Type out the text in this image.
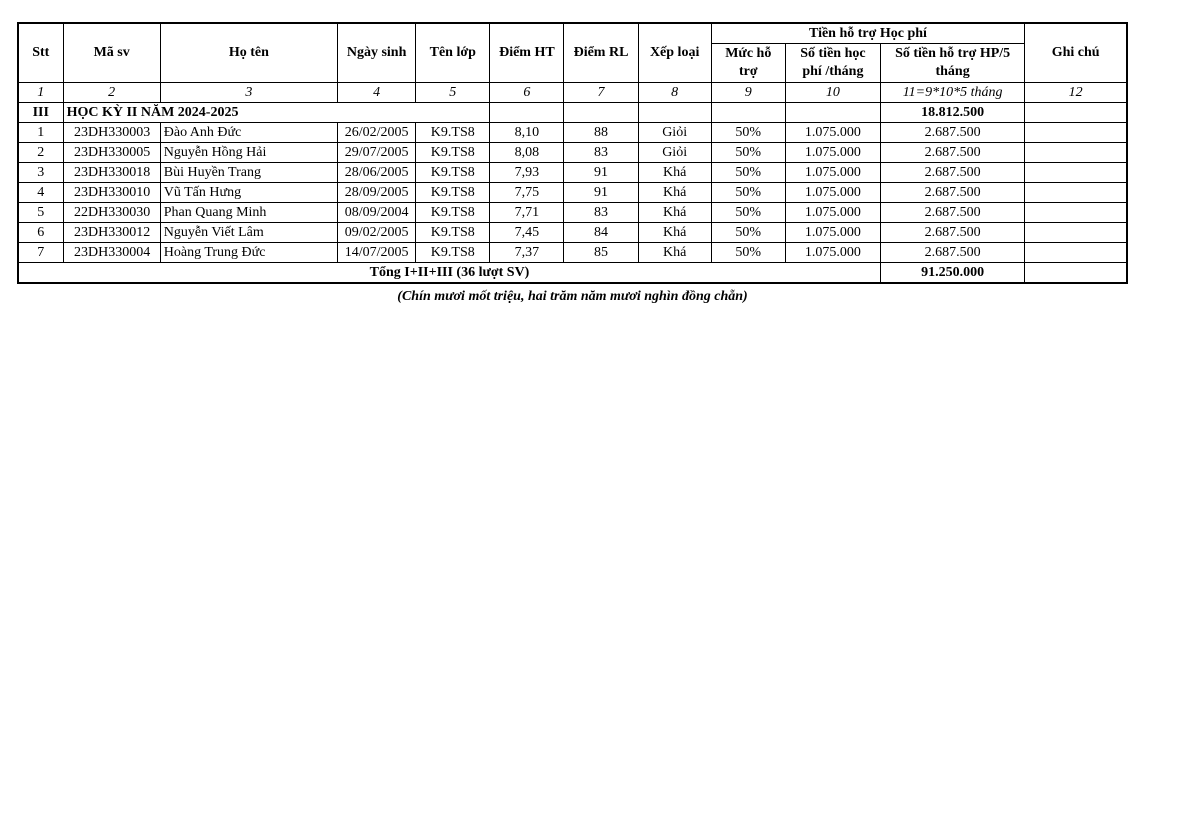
Stt	Mã sv	Họ tên	Ngày sinh	Tên lớp	Điểm HT	Điểm RL	Xếp loại	Tiền hỗ trợ Học phí			Ghi chú
								Mức hỗ trợ	Số tiền học phí /tháng	Số tiền hỗ trợ HP/5 tháng	
1	2	3	4	5	6	7	8	9	10	11=9*10*5 tháng	12
III	HỌC KỲ II NĂM 2024-2025									18.812.500	
1	23DH330003	Đào Anh Đức	26/02/2005	K9.TS8	8,10	88	Giỏi	50%	1.075.000	2.687.500	
2	23DH330005	Nguyễn Hồng Hải	29/07/2005	K9.TS8	8,08	83	Giỏi	50%	1.075.000	2.687.500	
3	23DH330018	Bùi Huyền Trang	28/06/2005	K9.TS8	7,93	91	Khá	50%	1.075.000	2.687.500	
4	23DH330010	Vũ Tấn Hưng	28/09/2005	K9.TS8	7,75	91	Khá	50%	1.075.000	2.687.500	
5	22DH330030	Phan Quang Minh	08/09/2004	K9.TS8	7,71	83	Khá	50%	1.075.000	2.687.500	
6	23DH330012	Nguyễn Viết Lâm	09/02/2005	K9.TS8	7,45	84	Khá	50%	1.075.000	2.687.500	
7	23DH330004	Hoàng Trung Đức	14/07/2005	K9.TS8	7,37	85	Khá	50%	1.075.000	2.687.500	
Tổng I+II+III (36 lượt SV)										91.250.000	
(Chín mươi mốt triệu, hai trăm năm mươi nghìn đồng chẵn)
